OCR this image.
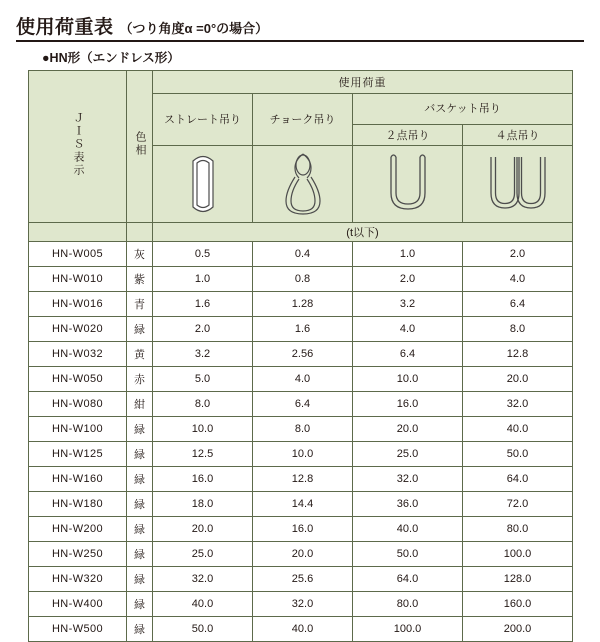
使用荷重表 （つり角度α =0°の場合）
●HN形（エンドレス形）
ＪＩＳ表示	色相	使用荷重			
		ストレート吊り	チョーク吊り	バスケット吊り	
				２点吊り	４点吊り

		(t以下)			
HN-W005	灰	0.5	0.4	1.0	2.0
HN-W010	紫	1.0	0.8	2.0	4.0
HN-W016	青	1.6	1.28	3.2	6.4
HN-W020	緑	2.0	1.6	4.0	8.0
HN-W032	黄	3.2	2.56	6.4	12.8
HN-W050	赤	5.0	4.0	10.0	20.0
HN-W080	紺	8.0	6.4	16.0	32.0
HN-W100	緑	10.0	8.0	20.0	40.0
HN-W125	緑	12.5	10.0	25.0	50.0
HN-W160	緑	16.0	12.8	32.0	64.0
HN-W180	緑	18.0	14.4	36.0	72.0
HN-W200	緑	20.0	16.0	40.0	80.0
HN-W250	緑	25.0	20.0	50.0	100.0
HN-W320	緑	32.0	25.6	64.0	128.0
HN-W400	緑	40.0	32.0	80.0	160.0
HN-W500	緑	50.0	40.0	100.0	200.0
